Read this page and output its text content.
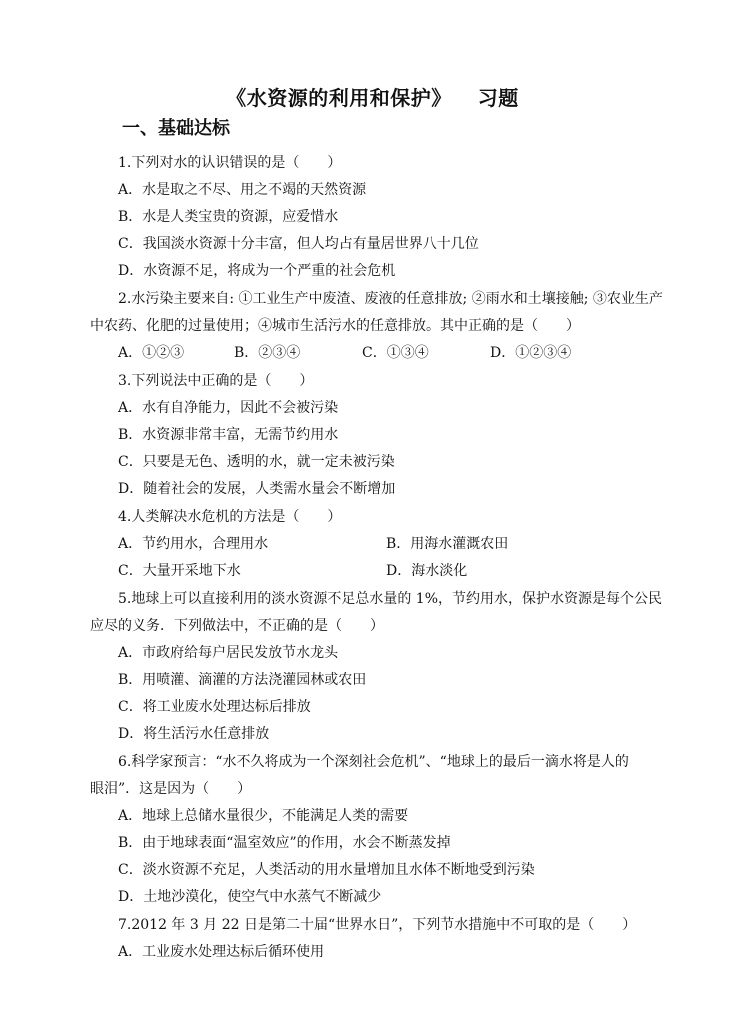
《水资源的利用和保护》 习题
一、基础达标
1.下列对水的认识错误的是（　　）
A．水是取之不尽、用之不竭的天然资源
B．水是人类宝贵的资源，应爱惜水
C．我国淡水资源十分丰富，但人均占有量居世界八十几位
D．水资源不足，将成为一个严重的社会危机
2.水污染主要来自: ①工业生产中废渣、废液的任意排放; ②雨水和土壤接触; ③农业生产
中农药、化肥的过量使用；④城市生活污水的任意排放。其中正确的是（　　）
A．①②③	B．②③④	C．①③④	D．①②③④
3.下列说法中正确的是（　　）
A．水有自净能力，因此不会被污染
B．水资源非常丰富，无需节约用水
C．只要是无色、透明的水，就一定未被污染
D．随着社会的发展，人类需水量会不断增加
4.人类解决水危机的方法是（　　）
A．节约用水，合理用水	B．用海水灌溉农田
C．大量开采地下水	D．海水淡化
5.地球上可以直接利用的淡水资源不足总水量的 1%，节约用水，保护水资源是每个公民
应尽的义务．下列做法中，不正确的是（　　）
A．市政府给每户居民发放节水龙头
B．用喷灌、滴灌的方法浇灌园林或农田
C．将工业废水处理达标后排放
D．将生活污水任意排放
6.科学家预言：“水不久将成为一个深刻社会危机”、“地球上的最后一滴水将是人的
眼泪”．这是因为（　　）
A．地球上总储水量很少，不能满足人类的需要
B．由于地球表面“温室效应”的作用，水会不断蒸发掉
C．淡水资源不充足，人类活动的用水量增加且水体不断地受到污染
D．土地沙漠化，使空气中水蒸气不断减少
7.2012 年 3 月 22 日是第二十届“世界水日”，下列节水措施中不可取的是（　　）
A．工业废水处理达标后循环使用
